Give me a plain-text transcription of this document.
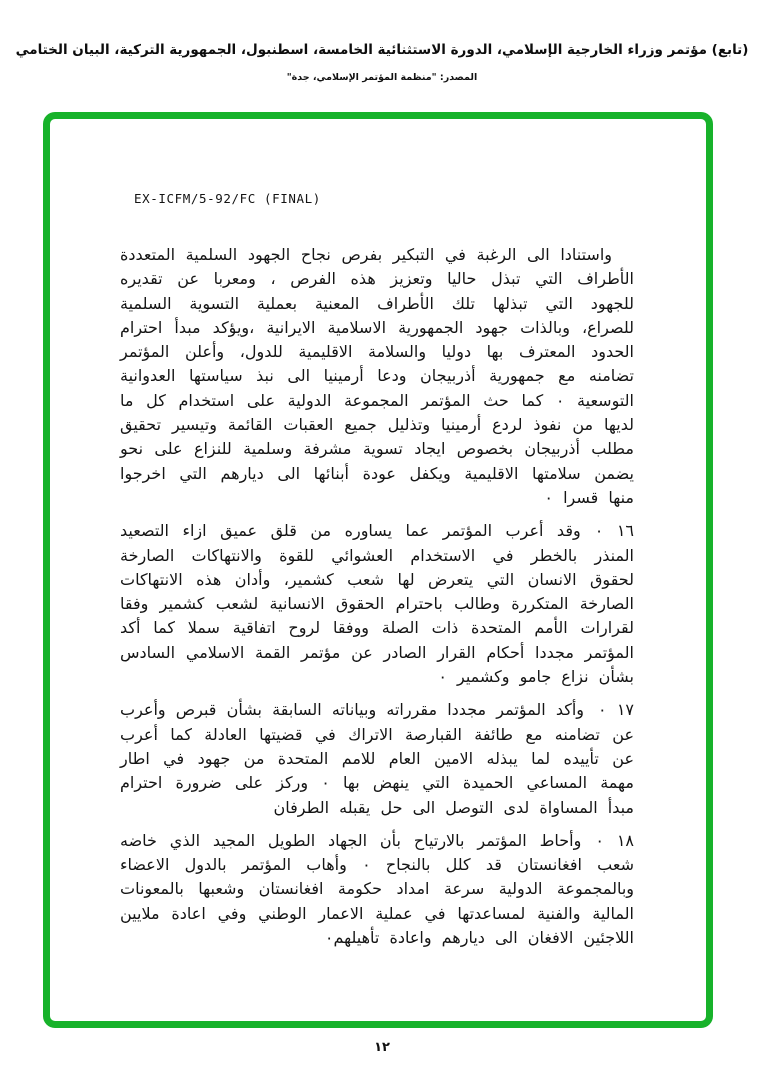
(تابع) مؤتمر وزراء الخارجية الإسلامي، الدورة الاستثنائية الخامسة، اسطنبول، الجمهورية التركية، البيان الختامي
المصدر: "منظمة المؤتمر الإسلامي، جدة"
EX-ICFM/5-92/FC (FINAL)

واستنادا الى الرغبة في التبكير بفرص نجاح الجهود السلمية المتعددة الأطراف التي تبذل حاليا وتعزيز هذه الفرص ، ومعربا عن تقديره للجهود التي تبذلها تلك الأطراف المعنية بعملية التسوية السلمية للصراع، وبالذات جهود الجمهورية الاسلامية الايرانية ،ويؤكد مبدأ احترام الحدود المعترف بها دوليا والسلامة الاقليمية للدول، وأعلن المؤتمر تضامنه مع جمهورية أذربيجان ودعا أرمينيا الى نبذ سياستها العدوانية التوسعية ٠ كما حث المؤتمر المجموعة الدولية على استخدام كل ما لديها من نفوذ لردع أرمينيا وتذليل جميع العقبات القائمة وتيسير تحقيق مطلب أذربيجان بخصوص ايجاد تسوية مشرفة وسلمية للنزاع على نحو يضمن سلامتها الاقليمية ويكفل عودة أبنائها الى ديارهم التي اخرجوا منها قسرا ٠

١٦ ٠وقد أعرب المؤتمر عما يساوره من قلق عميق ازاء التصعيد المنذر بالخطر في الاستخدام العشوائي للقوة والانتهاكات الصارخة لحقوق الانسان التي يتعرض لها شعب كشمير، وأدان هذه الانتهاكات الصارخة المتكررة وطالب باحترام الحقوق الانسانية لشعب كشمير وفقا لقرارات الأمم المتحدة ذات الصلة ووفقا لروح اتفاقية سملا كما أكد المؤتمر مجددا أحكام القرار الصادر عن مؤتمر القمة الاسلامي السادس بشأن نزاع جامو وكشمير ٠

١٧ ٠وأكد المؤتمر مجددا مقرراته وبياناته السابقة بشأن قبرص وأعرب عن تضامنه مع طائفة القبارصة الاتراك في قضيتها العادلة كما أعرب عن تأييده لما يبذله الامين العام للامم المتحدة من جهود في اطار مهمة المساعي الحميدة التي ينهض بها ٠ وركز على ضرورة احترام مبدأ المساواة لدى التوصل الى حل يقبله الطرفان

١٨ ٠وأحاط المؤتمر بالارتياح بأن الجهاد الطويل المجيد الذي خاضه شعب افغانستان قد كلل بالنجاح ٠ وأهاب المؤتمر بالدول الاعضاء وبالمجموعة الدولية سرعة امداد حكومة افغانستان وشعبها بالمعونات المالية والفنية لمساعدتها في عملية الاعمار الوطني وفي اعادة ملايين اللاجئين الافغان الى ديارهم واعادة تأهيلهم٠

١٢
